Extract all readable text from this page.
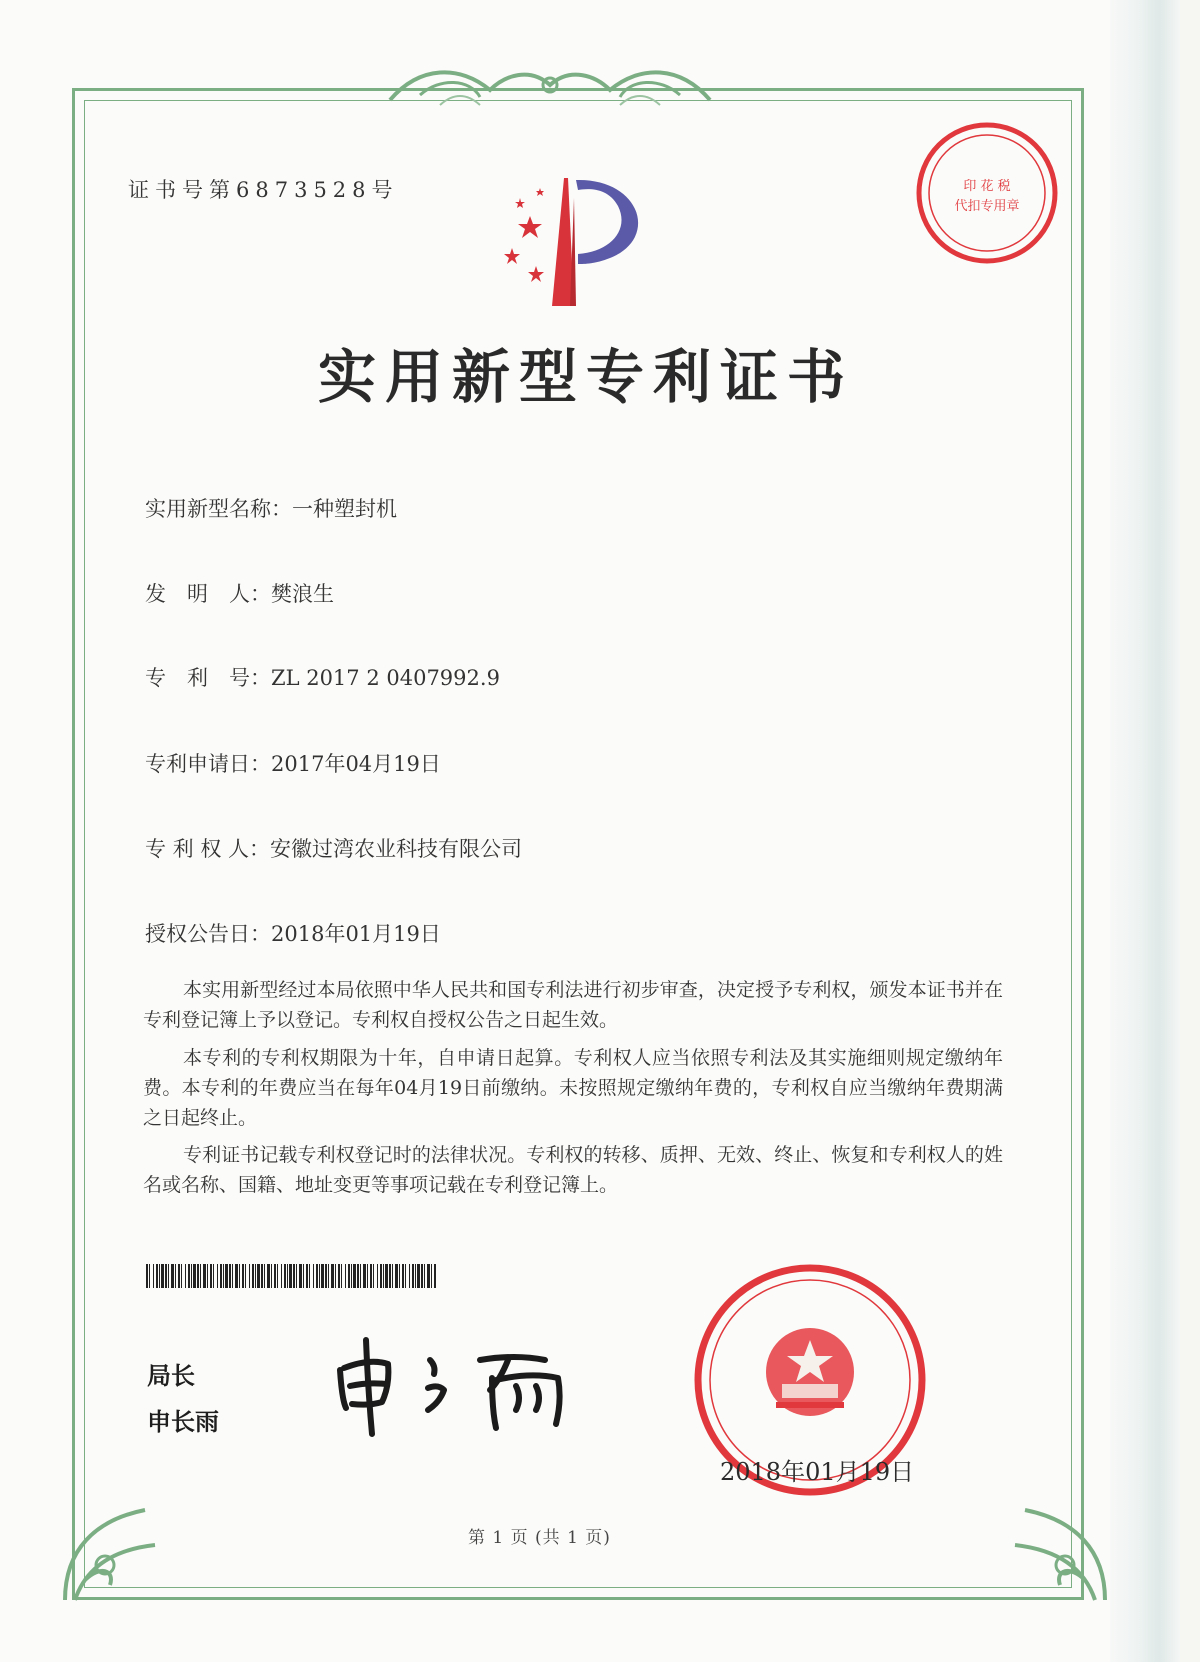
证书号第6873528号	印 花 税
代扣专用章
实用新型专利证书
实用新型名称：一种塑封机
发　明　人：樊浪生
专　利　号：ZL 2017 2 0407992.9
专利申请日：2017年04月19日
专 利 权 人：安徽过湾农业科技有限公司
授权公告日：2018年01月19日
本实用新型经过本局依照中华人民共和国专利法进行初步审查，决定授予专利权，颁发本证书并在专利登记簿上予以登记。专利权自授权公告之日起生效。
本专利的专利权期限为十年，自申请日起算。专利权人应当依照专利法及其实施细则规定缴纳年费。本专利的年费应当在每年04月19日前缴纳。未按照规定缴纳年费的，专利权自应当缴纳年费期满之日起终止。
专利证书记载专利权登记时的法律状况。专利权的转移、质押、无效、终止、恢复和专利权人的姓名或名称、国籍、地址变更等事项记载在专利登记簿上。
局长
申长雨
2018年01月19日
第 1 页 (共 1 页)
